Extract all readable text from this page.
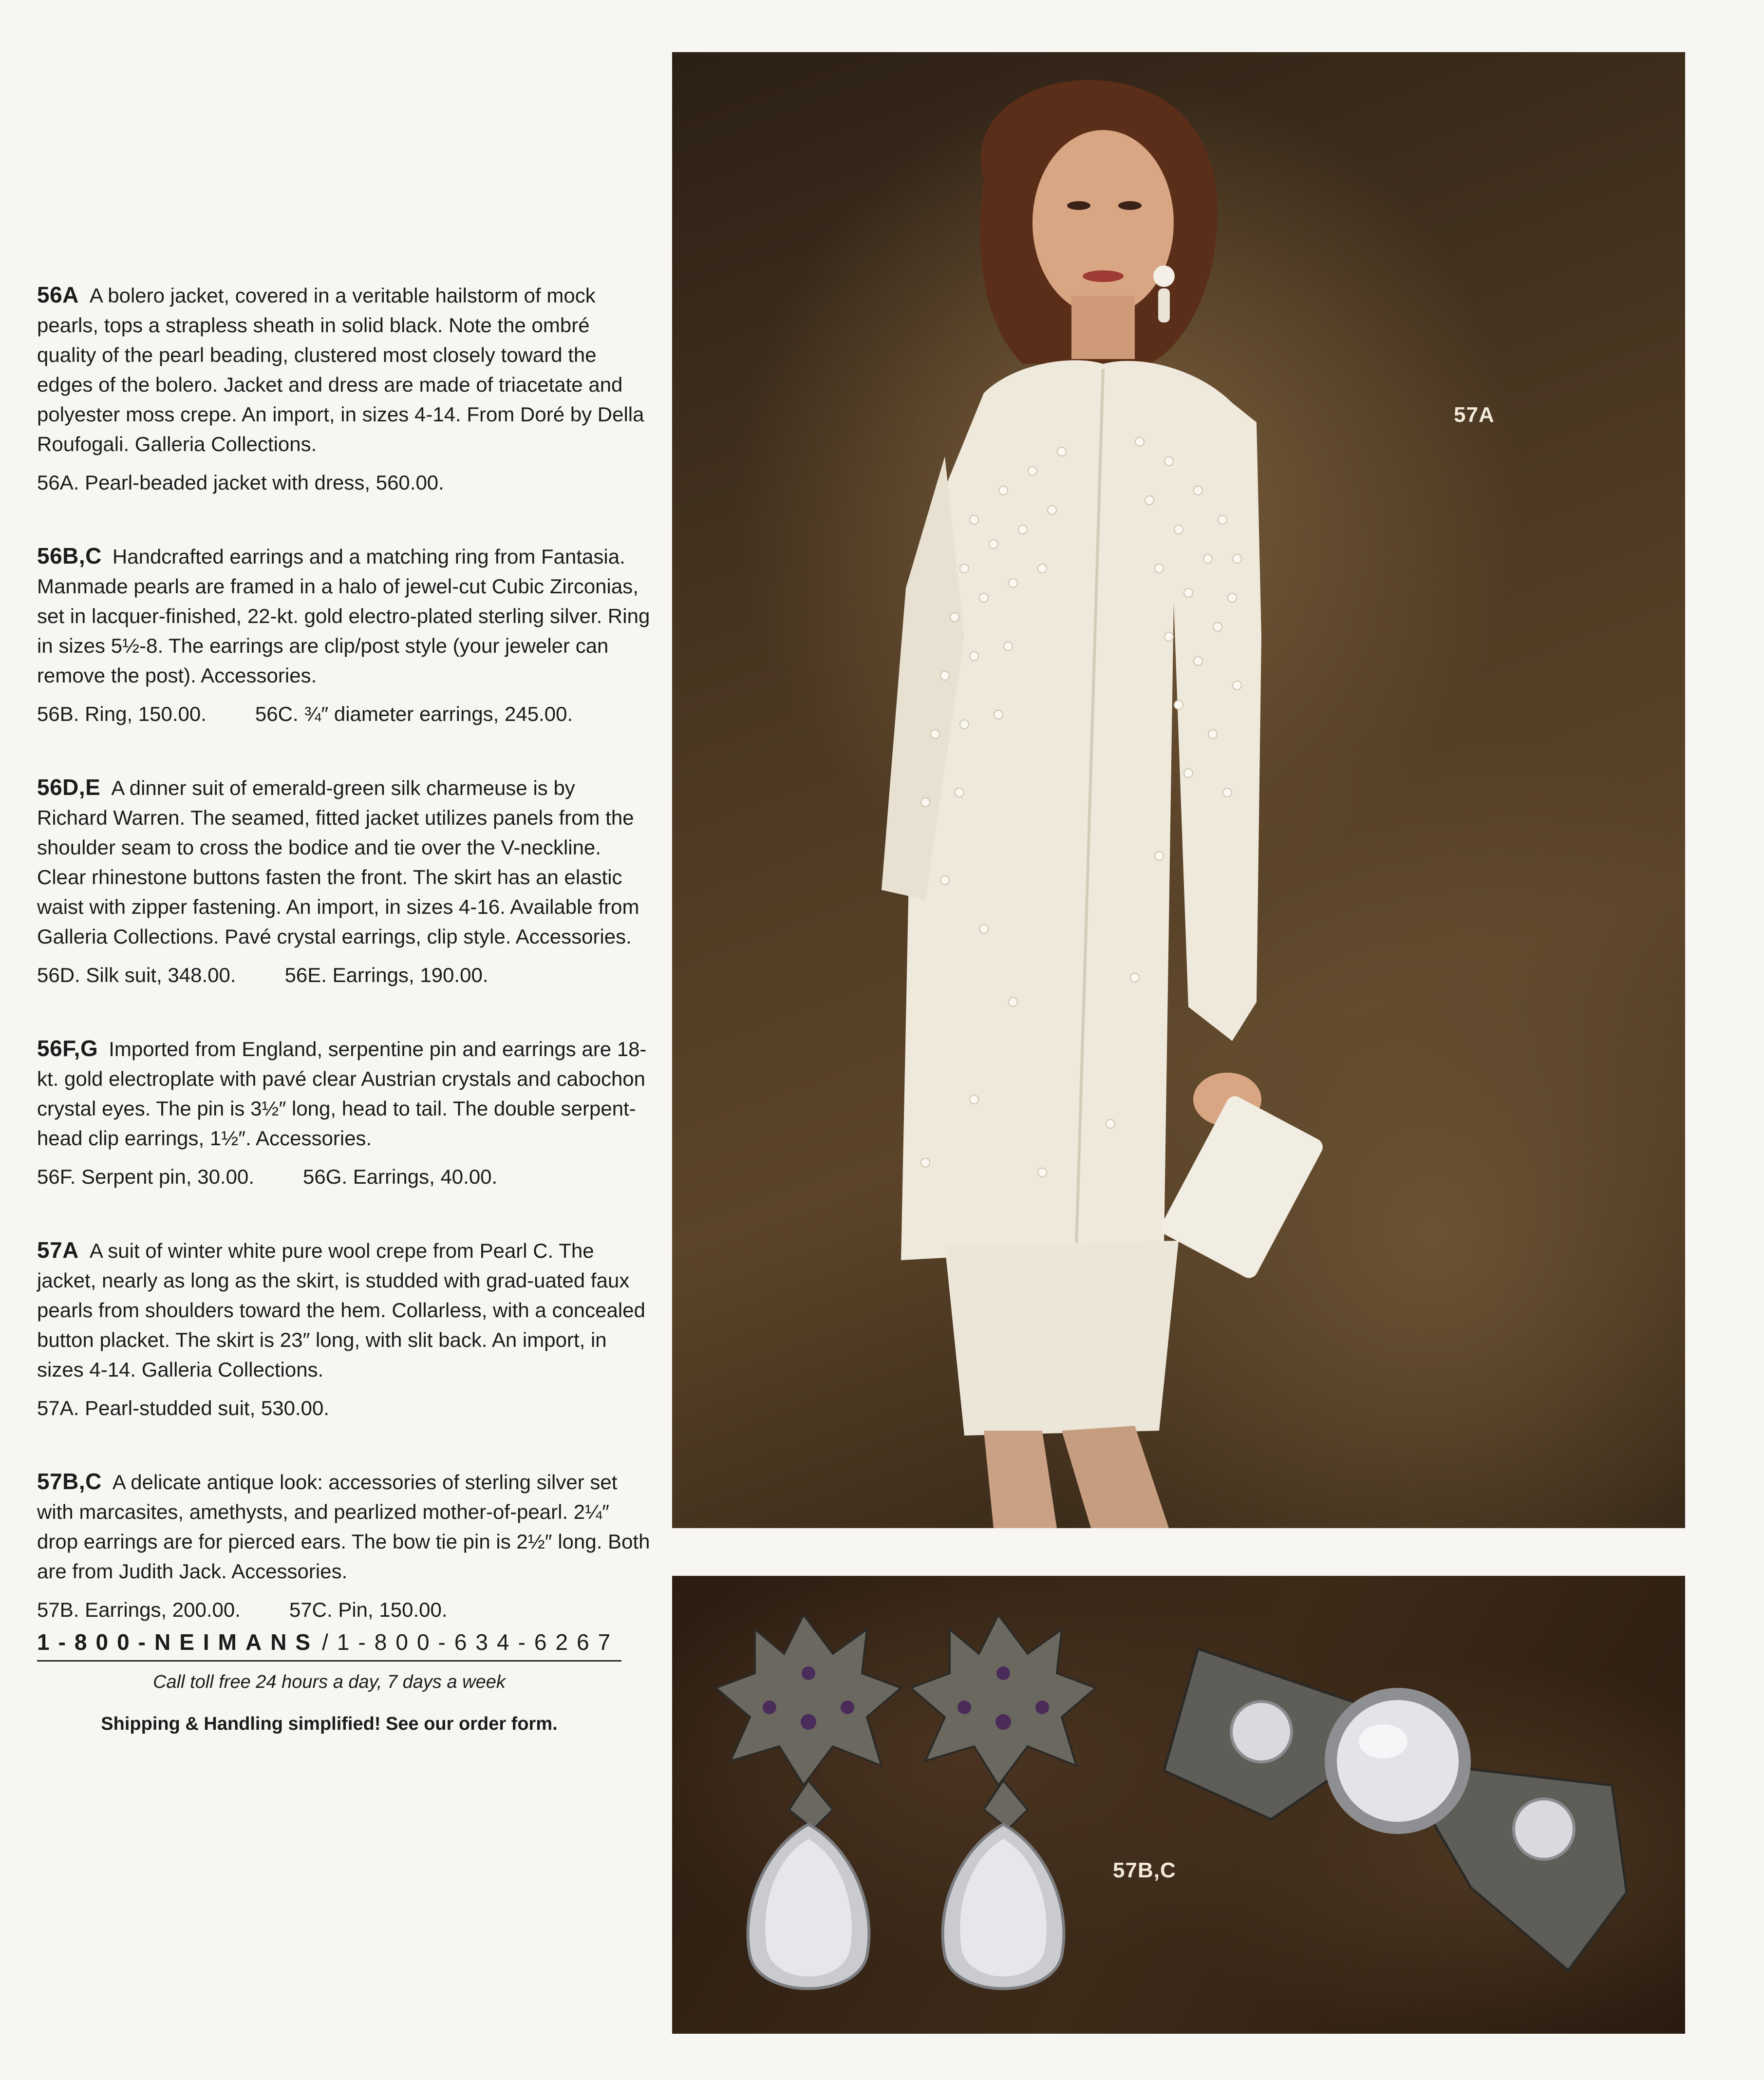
56A A bolero jacket, covered in a veritable hailstorm of mock pearls, tops a strapless sheath in solid black. Note the ombré quality of the pearl beading, clustered most closely toward the edges of the bolero. Jacket and dress are made of triacetate and polyester moss crepe. An import, in sizes 4-14. From Doré by Della Roufogali. Galleria Collections.

56A. Pearl-beaded jacket with dress, 560.00.

56B,C Handcrafted earrings and a matching ring from Fantasia. Manmade pearls are framed in a halo of jewel-cut Cubic Zirconias, set in lacquer-finished, 22-kt. gold electro-plated sterling silver. Ring in sizes 5½-8. The earrings are clip/post style (your jeweler can remove the post). Accessories.

56B. Ring, 150.00. 56C. ¾″ diameter earrings, 245.00.

56D,E A dinner suit of emerald-green silk charmeuse is by Richard Warren. The seamed, fitted jacket utilizes panels from the shoulder seam to cross the bodice and tie over the V-neckline. Clear rhinestone buttons fasten the front. The skirt has an elastic waist with zipper fastening. An import, in sizes 4-16. Available from Galleria Collections. Pavé crystal earrings, clip style. Accessories.

56D. Silk suit, 348.00. 56E. Earrings, 190.00.

56F,G Imported from England, serpentine pin and earrings are 18-kt. gold electroplate with pavé clear Austrian crystals and cabochon crystal eyes. The pin is 3½″ long, head to tail. The double serpent-head clip earrings, 1½″. Accessories.

56F. Serpent pin, 30.00. 56G. Earrings, 40.00.

57A A suit of winter white pure wool crepe from Pearl C. The jacket, nearly as long as the skirt, is studded with grad-uated faux pearls from shoulders toward the hem. Collarless, with a concealed button placket. The skirt is 23″ long, with slit back. An import, in sizes 4-14. Galleria Collections.

57A. Pearl-studded suit, 530.00.

57B,C A delicate antique look: accessories of sterling silver set with marcasites, amethysts, and pearlized mother-of-pearl. 2¼″ drop earrings are for pierced ears. The bow tie pin is 2½″ long. Both are from Judith Jack. Accessories.

57B. Earrings, 200.00. 57C. Pin, 150.00.
1-800-NEIMANS / 1-800-634-6267
Call toll free 24 hours a day, 7 days a week
Shipping & Handling simplified! See our order form.
57A
57B,C
